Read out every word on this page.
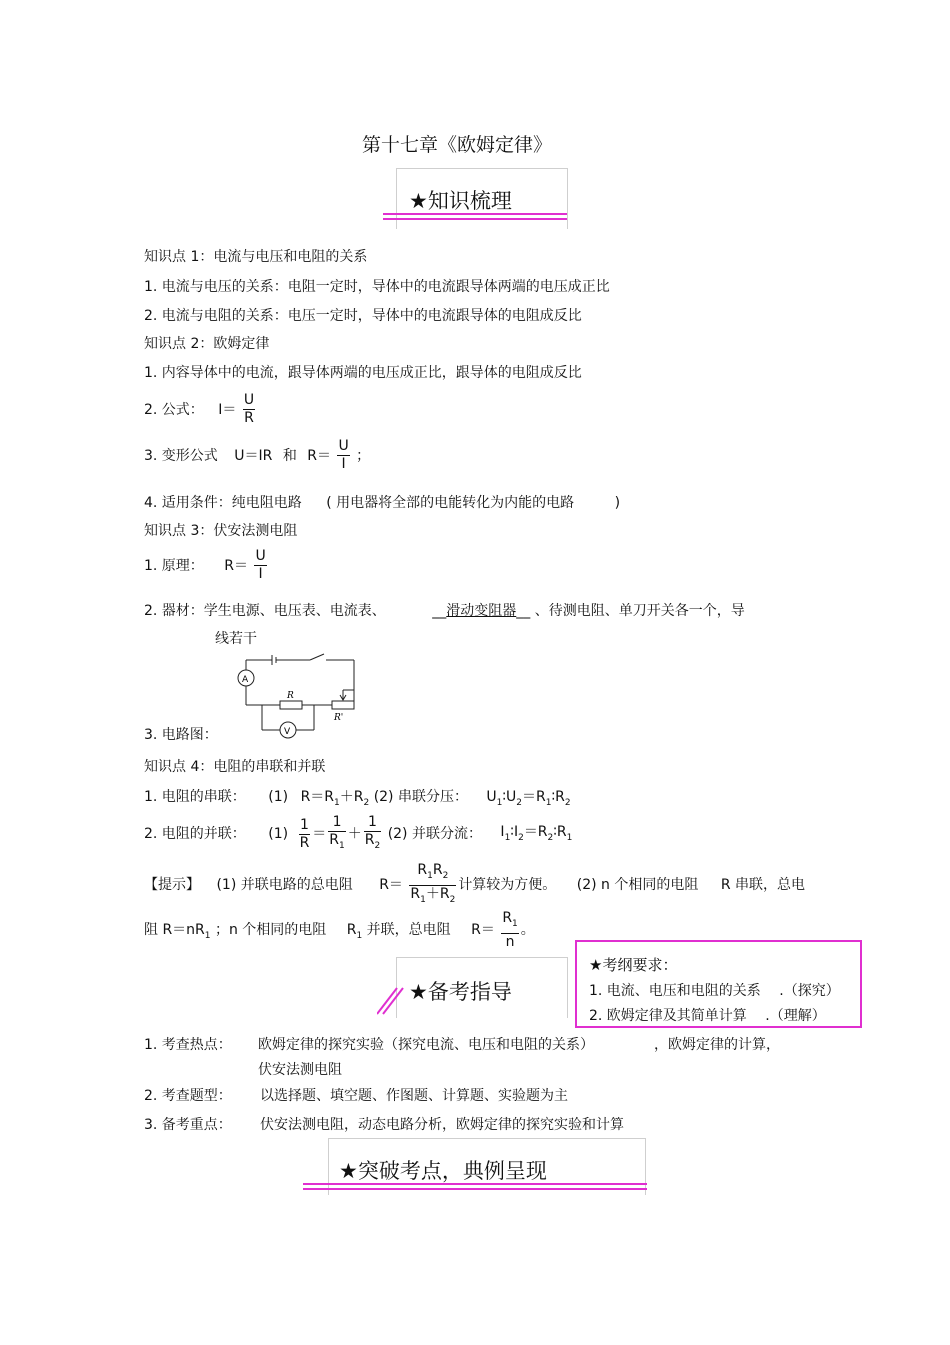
第十七章《欧姆定律》
★知识梳理
知识点 1：电流与电压和电阻的关系
1. 电流与电压的关系：电阻一定时，导体中的电流跟导体两端的电压成正比
2. 电流与电阻的关系：电压一定时，导体中的电流跟导体的电阻成反比
知识点 2：欧姆定律
1. 内容导体中的电流，跟导体两端的电压成正比，跟导体的电阻成反比
2. 公式： $I= \frac{U}{R}$
3. 变形公式 U＝IR 和 $R= \frac{U}{I}$ ；
4. 适用条件：纯电阻电路 ( 用电器将全部的电能转化为内能的电路	)
知识点 3：伏安法测电阻
1. 原理： $R= \frac{U}{I}$
2. 器材：学生电源、电压表、电流表、	__滑动变阻器__ 、待测电阻、单刀开关各一个，导
线若干
A
V
R
R'
3. 电路图：
知识点 4：电阻的串联和并联
1. 电阻的串联： (1) $R=R_1+R_2$ (2) 串联分压： $U_1∶U_2=R_1∶R_2$
2. 电阻的并联： $(1) \frac{1}{R} = \frac{1}{R_1} + \frac{1}{R_2} (2)$ 并联分流： $I_1∶I_2=R_2∶R_1$
【提示】 (1) 并联电路的总电阻 $R= \frac{R_1R_2}{R_1+R_2}$ 计算较为方便。 (2) n 个相同的电阻 R 串联，总电
阻 $R=nR_1$ ；n 个相同的电阻 $R_1$ 并联，总电阻 $R= \frac{R_1}{n}$ 。
★备考指导
★考纲要求：
1. 电流、电压和电阻的关系 .（探究）
2. 欧姆定律及其简单计算 .（理解）
1. 考查热点： 欧姆定律的探究实验（探究电流、电压和电阻的关系）	，欧姆定律的计算，
伏安法测电阻
2. 考查题型： 以选择题、填空题、作图题、计算题、实验题为主
3. 备考重点： 伏安法测电阻，动态电路分析，欧姆定律的探究实验和计算
★突破考点，典例呈现
